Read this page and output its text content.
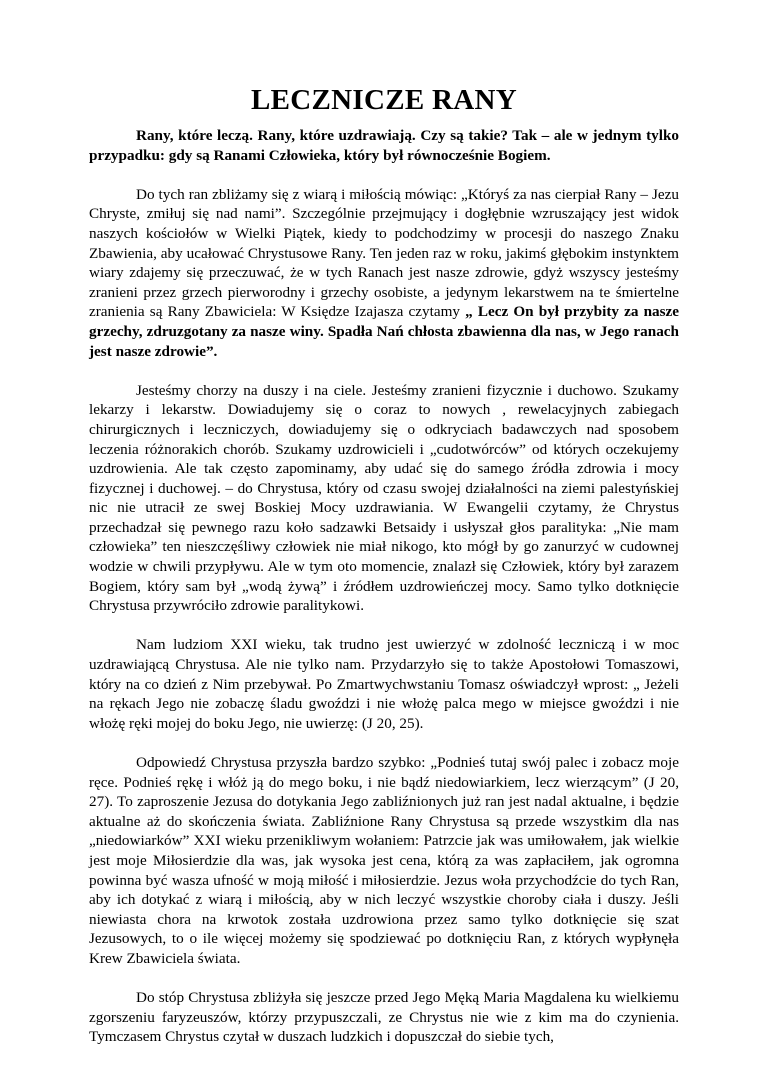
LECZNICZE RANY

Rany, które leczą. Rany, które uzdrawiają. Czy są takie? Tak – ale w jednym tylko przypadku: gdy są Ranami Człowieka, który był równocześnie Bogiem.

Do tych ran zbliżamy się z wiarą i miłością mówiąc: „Któryś za nas cierpiał Rany – Jezu Chryste, zmiłuj się nad nami”. Szczególnie przejmujący i dogłębnie wzruszający jest widok naszych kościołów w Wielki Piątek, kiedy to podchodzimy w procesji do naszego Znaku Zbawienia, aby ucałować Chrystusowe Rany. Ten jeden raz w roku, jakimś głębokim instynktem wiary zdajemy się przeczuwać, że w tych Ranach jest nasze zdrowie, gdyż wszyscy jesteśmy zranieni przez grzech pierworodny i grzechy osobiste, a jedynym lekarstwem na te śmiertelne zranienia są Rany Zbawiciela: W Księdze Izajasza czytamy „ Lecz On był przybity za nasze grzechy, zdruzgotany za nasze winy. Spadła Nań chłosta zbawienna dla nas, w Jego ranach jest nasze zdrowie”.

Jesteśmy chorzy na duszy i na ciele. Jesteśmy zranieni fizycznie i duchowo. Szukamy lekarzy i lekarstw. Dowiadujemy się o coraz to nowych , rewelacyjnych zabiegach chirurgicznych i leczniczych, dowiadujemy się o odkryciach badawczych nad sposobem leczenia różnorakich chorób. Szukamy uzdrowicieli i „cudotwórców” od których oczekujemy uzdrowienia. Ale tak często zapominamy, aby udać się do samego źródła zdrowia i mocy fizycznej i duchowej. – do Chrystusa, który od czasu swojej działalności na ziemi palestyńskiej nic nie utracił ze swej Boskiej Mocy uzdrawiania. W Ewangelii czytamy, że Chrystus przechadzał się pewnego razu koło sadzawki Betsaidy i usłyszał głos paralityka: „Nie mam człowieka” ten nieszczęśliwy człowiek nie miał nikogo, kto mógł by go zanurzyć w cudownej wodzie w chwili przypływu. Ale w tym oto momencie, znalazł się Człowiek, który był zarazem Bogiem, który sam był „wodą żywą” i źródłem uzdrowieńczej mocy. Samo tylko dotknięcie Chrystusa przywróciło zdrowie paralitykowi.

Nam ludziom XXI wieku, tak trudno jest uwierzyć w zdolność leczniczą i w moc uzdrawiającą Chrystusa. Ale nie tylko nam. Przydarzyło się to także Apostołowi Tomaszowi, który na co dzień z Nim przebywał. Po Zmartwychwstaniu Tomasz oświadczył wprost: „ Jeżeli na rękach Jego nie zobaczę śladu gwoździ i nie włożę palca mego w miejsce gwoździ i nie włożę ręki mojej do boku Jego, nie uwierzę: (J 20, 25).

Odpowiedź Chrystusa przyszła bardzo szybko: „Podnieś tutaj swój palec i zobacz moje ręce. Podnieś rękę i włóż ją do mego boku, i nie bądź niedowiarkiem, lecz wierzącym” (J 20, 27). To zaproszenie Jezusa do dotykania Jego zabliźnionych już ran jest nadal aktualne, i będzie aktualne aż do skończenia świata. Zabliźnione Rany Chrystusa są przede wszystkim dla nas „niedowiarków” XXI wieku przenikliwym wołaniem: Patrzcie jak was umiłowałem, jak wielkie jest moje Miłosierdzie dla was, jak wysoka jest cena, którą za was zapłaciłem, jak ogromna powinna być wasza ufność w moją miłość i miłosierdzie. Jezus woła przychodźcie do tych Ran, aby ich dotykać z wiarą i miłością, aby w nich leczyć wszystkie choroby ciała i duszy. Jeśli niewiasta chora na krwotok została uzdrowiona przez samo tylko dotknięcie się szat Jezusowych, to o ile więcej możemy się spodziewać po dotknięciu Ran, z których wypłynęła Krew Zbawiciela świata.

Do stóp Chrystusa zbliżyła się jeszcze przed Jego Męką Maria Magdalena ku wielkiemu zgorszeniu faryzeuszów, którzy przypuszczali, ze Chrystus nie wie z kim ma do czynienia. Tymczasem Chrystus czytał w duszach ludzkich i dopuszczał do siebie tych,
